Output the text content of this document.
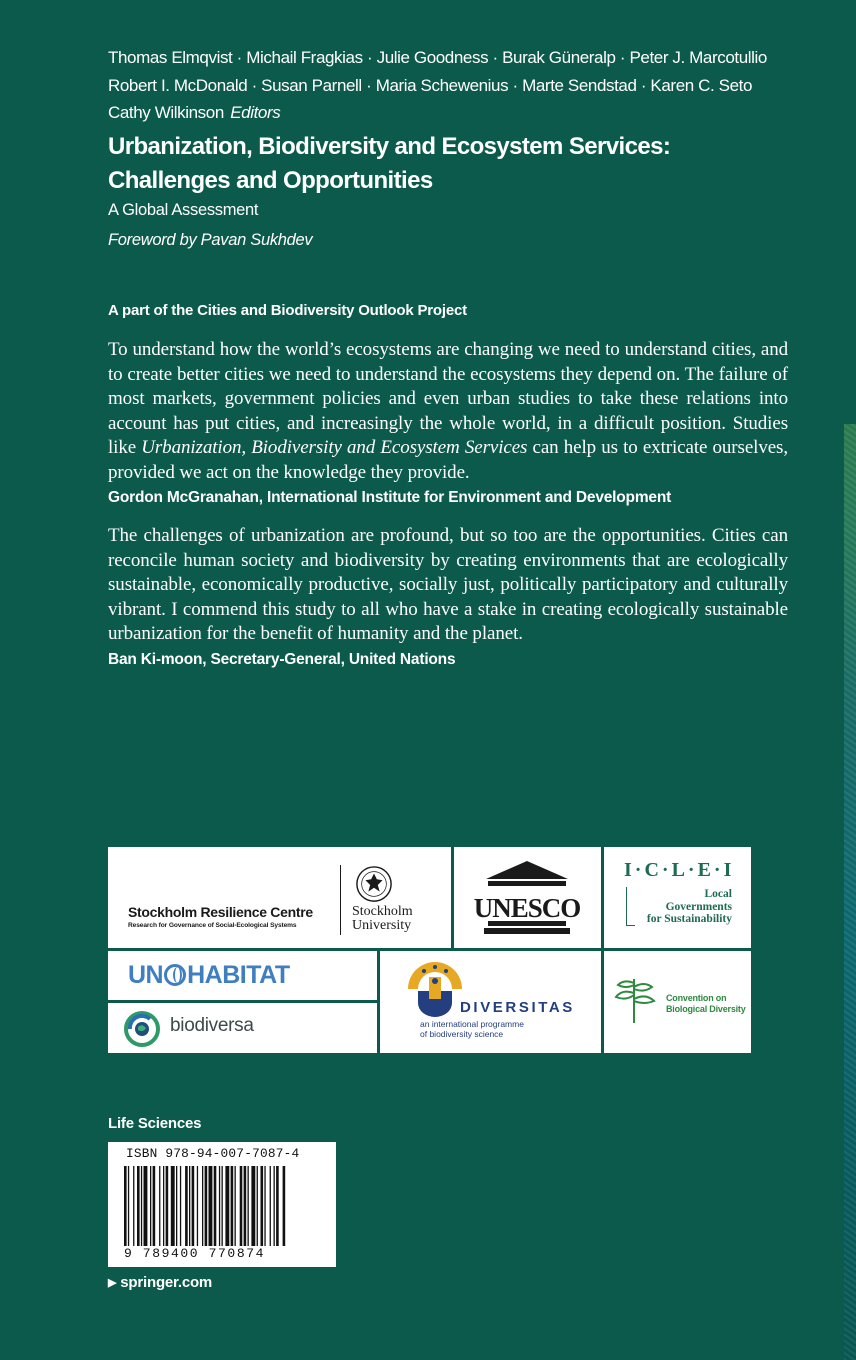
Thomas Elmqvist · Michail Fragkias · Julie Goodness · Burak Güneralp · Peter J. Marcotullio
Robert I. McDonald · Susan Parnell · Maria Schewenius · Marte Sendstad · Karen C. Seto
Cathy Wilkinson Editors
Urbanization, Biodiversity and Ecosystem Services:
Challenges and Opportunities
A Global Assessment
Foreword by Pavan Sukhdev
A part of the Cities and Biodiversity Outlook Project
To understand how the world’s ecosystems are changing we need to understand cities, and to create better cities we need to understand the ecosystems they depend on. The failure of most markets, government policies and even urban studies to take these relations into account has put cities, and increasingly the whole world, in a difficult position. Studies like Urbanization, Biodiversity and Ecosystem Services can help us to extricate ourselves, provided we act on the knowledge they provide.
Gordon McGranahan, International Institute for Environment and Development
The challenges of urbanization are profound, but so too are the opportunities. Cities can reconcile human society and biodiversity by creating environments that are ecologically sustainable, economically productive, socially just, politically participatory and culturally vibrant. I commend this study to all who have a stake in creating ecologically sustainable urbanization for the benefit of humanity and the planet.
Ban Ki-moon, Secretary-General, United Nations
Stockholm Resilience Centre
Research for Governance of Social-Ecological Systems
Stockholm
University
UNESCO
I·C·L·E·I
Local
Governments
for Sustainability
UN HABITAT
biodiversa
DIVERSITAS
an international programme
of biodiversity science
Convention on
Biological Diversity
Life Sciences
ISBN 978-94-007-7087-4
9 789400 770874
▶ springer.com
